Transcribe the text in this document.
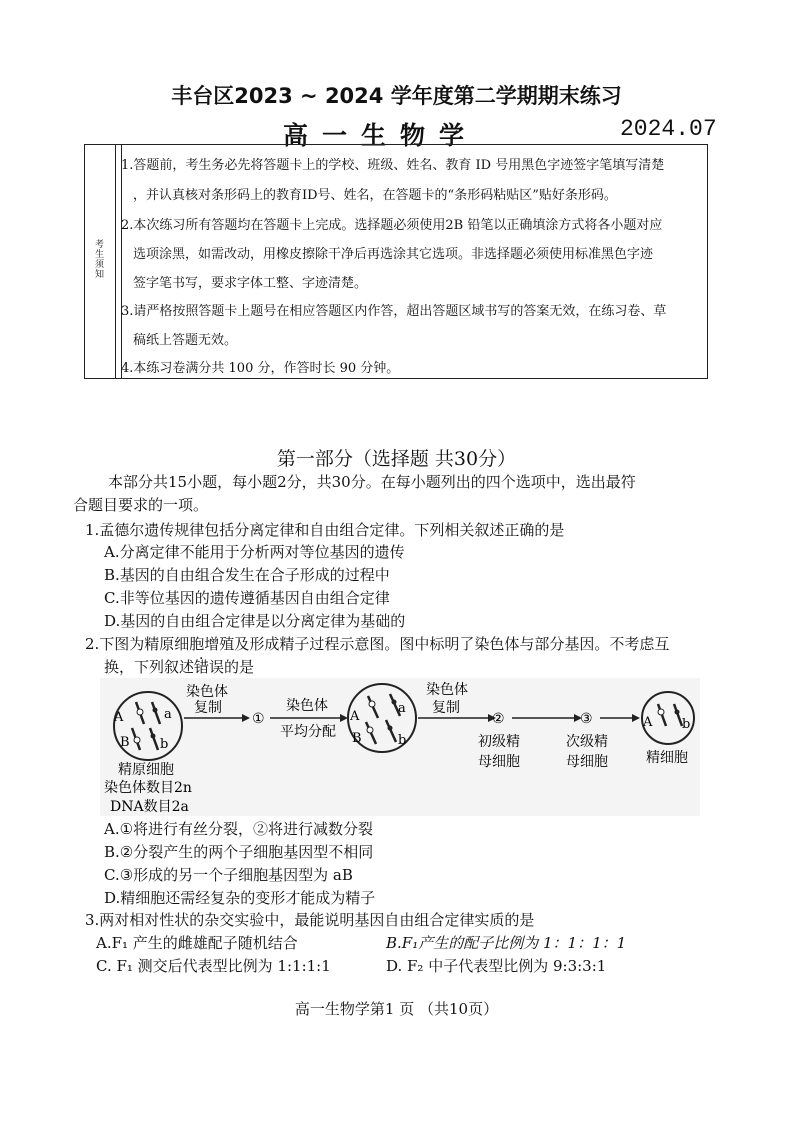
丰台区2023 ~ 2024 学年度第二学期期末练习
高一生物学	2024.07
考生须知
1.答题前，考生务必先将答题卡上的学校、班级、姓名、教育 ID 号用黑色字迹签字笔填写清楚
，并认真核对条形码上的教育ID号、姓名，在答题卡的“条形码粘贴区”贴好条形码。
2.本次练习所有答题均在答题卡上完成。选择题必须使用2B 铅笔以正确填涂方式将各小题对应
选项涂黑，如需改动，用橡皮擦除干净后再选涂其它选项。非选择题必须使用标准黑色字迹
签字笔书写，要求字体工整、字迹清楚。
3.请严格按照答题卡上题号在相应答题区内作答，超出答题区域书写的答案无效，在练习卷、草
稿纸上答题无效。
4.本练习卷满分共 100 分，作答时长 90 分钟。
第一部分（选择题 共30分）
本部分共15小题，每小题2分，共30分。在每小题列出的四个选项中，选出最符
合题目要求的一项。
1.孟德尔遗传规律包括分离定律和自由组合定律。下列相关叙述正确的是
A.分离定律不能用于分析两对等位基因的遗传
B.基因的自由组合发生在合子形成的过程中
C.非等位基因的遗传遵循基因自由组合定律
D.基因的自由组合定律是以分离定律为基础的
2.下图为精原细胞增殖及形成精子过程示意图。图中标明了染色体与部分基因。不考虑互
换，下列叙述错误的是
A	a
B b
染色体
复制
①
染色体
平均分配
A
a
B	b
染色体
复制
②
初级精
母细胞
③
次级精
母细胞
A b
精细胞
精原细胞
染色体数目2n
DNA数目2a
A.①将进行有丝分裂，②将进行减数分裂
B.②分裂产生的两个子细胞基因型不相同
C.③形成的另一个子细胞基因型为 aB
D.精细胞还需经复杂的变形才能成为精子
3.两对相对性状的杂交实验中，最能说明基因自由组合定律实质的是
A.F₁ 产生的雌雄配子随机结合	B.F₁产生的配子比例为 1：1：1：1
C. F₁ 测交后代表型比例为 1:1:1:1	D. F₂ 中子代表型比例为 9:3:3:1
高一生物学第1 页 （共10页）
